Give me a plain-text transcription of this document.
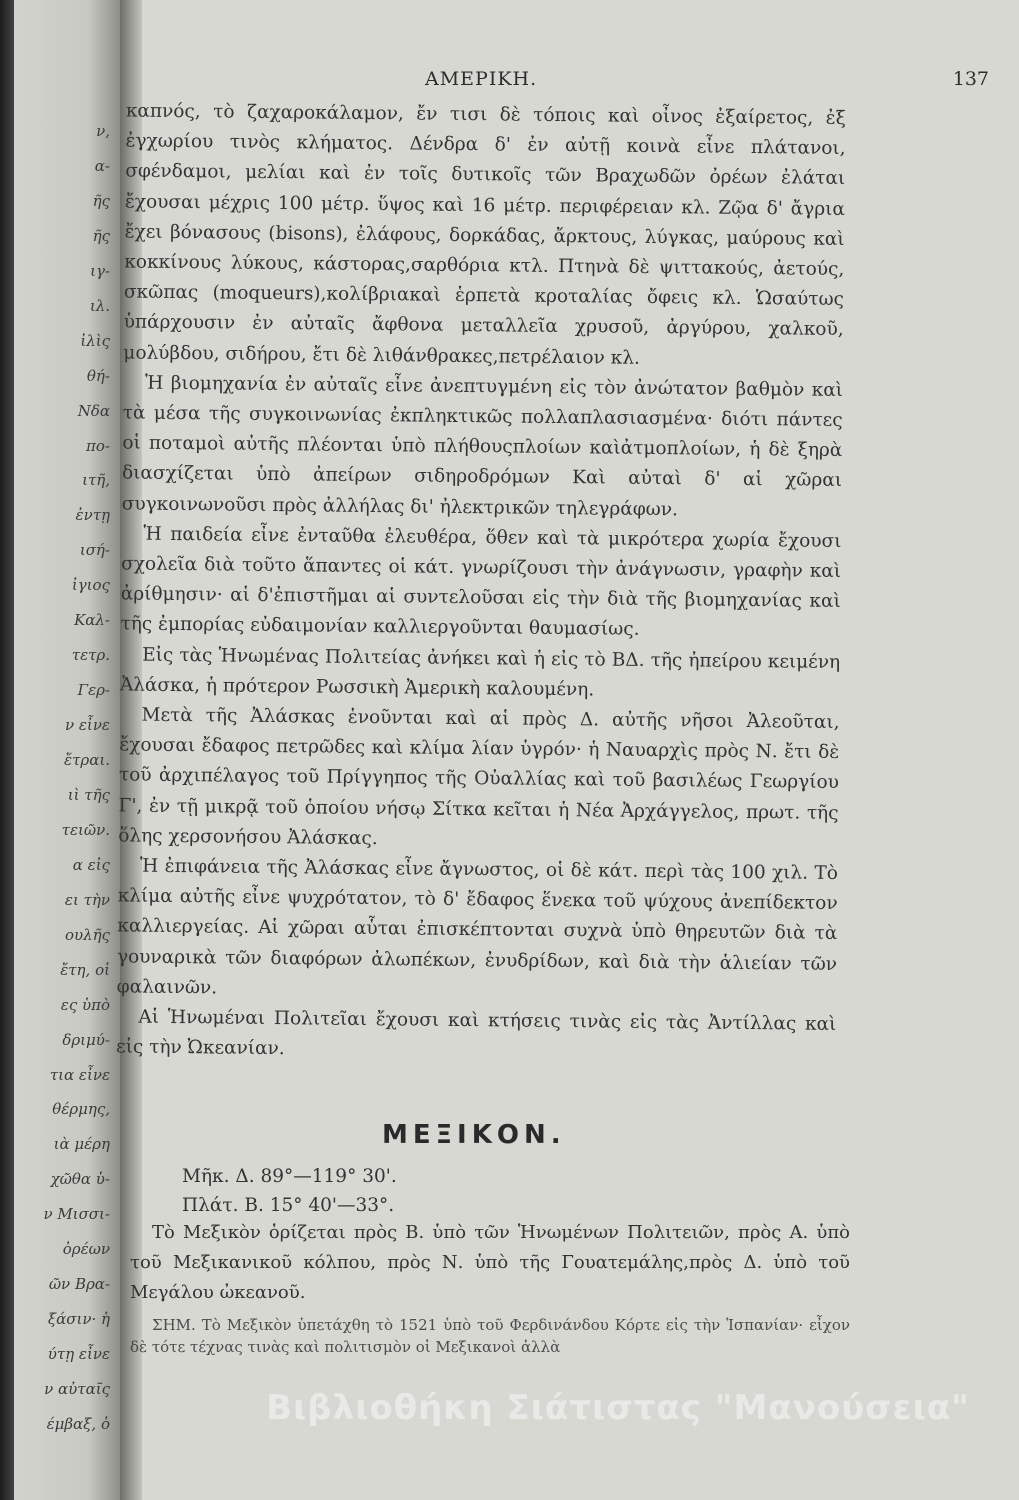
ν,
α-
ῆς
ῆς
ιγ-
ιλ.
ἰλὶς
θή-
Νδα
πο-
ιτῆ,
ἐντῃ
ισή-
ἰγιος
Καλ-
τετρ.
Γερ-
ν εἶνε
ἔτραι.
ιὶ τῆς
τειῶν.
α εἰς
ει τὴν
ουλῆς
ἔτη, οἱ
ες ὑπὸ
δριμύ-
τια εἶνε
θέρμης,
ιὰ μέρη
χῶθα ὑ-
ν Μισσι-
ὀρέων
ῶν Βρα-
ξάσιν· ἡ
ύτῃ εἶνε
ν αὐταῖς
έμβαξ, ὁ
ΑΜΕΡΙΚΗ.	137

καπνός, τὸ ζαχαροκάλαμον, ἔν τισι δὲ τόποις καὶ οἶνος ἐξαίρετος, ἐξ ἐγχωρίου τινὸς κλήματος. Δένδρα δ' ἐν αὐτῇ κοινὰ εἶνε πλάτανοι, σφένδαμοι, μελίαι καὶ ἐν τοῖς δυτικοῖς τῶν Βραχωδῶν ὀρέων ἐλάται ἔχουσαι μέχρις 100 μέτρ. ὕψος καὶ 16 μέτρ. περιφέρειαν κλ. Ζῷα δ' ἄγρια ἔχει βόνασους (bisons), ἐλάφους, δορκάδας, ἄρκτους, λύγκας, μαύρους καὶ κοκκίνους λύκους, κάστορας,σαρθόρια κτλ. Πτηνὰ δὲ ψιττακούς, ἀετούς, σκῶπας (moqueurs),κολίβριακαὶ ἑρπετὰ κροταλίας ὄφεις κλ. Ὡσαύτως ὑπάρχουσιν ἐν αὐταῖς ἄφθονα μεταλλεῖα χρυσοῦ, ἀργύρου, χαλκοῦ, μολύβδου, σιδήρου, ἔτι δὲ λιθάνθρακες,πετρέλαιον κλ.

Ἡ βιομηχανία ἐν αὐταῖς εἶνε ἀνεπτυγμένη εἰς τὸν ἀνώτατον βαθμὸν καὶ τὰ μέσα τῆς συγκοινωνίας ἐκπληκτικῶς πολλαπλασιασμένα· διότι πάντες οἱ ποταμοὶ αὐτῆς πλέονται ὑπὸ πλήθουςπλοίων καὶἀτμοπλοίων, ἡ δὲ ξηρὰ διασχίζεται ὑπὸ ἀπείρων σιδηροδρόμων Καὶ αὐταὶ δ' αἱ χῶραι συγκοινωνοῦσι πρὸς ἀλλήλας δι' ἠλεκτρικῶν τηλεγράφων.

Ἡ παιδεία εἶνε ἐνταῦθα ἐλευθέρα, ὅθεν καὶ τὰ μικρότερα χωρία ἔχουσι σχολεῖα διὰ τοῦτο ἅπαντες οἱ κάτ. γνωρίζουσι τὴν ἀνάγνωσιν, γραφὴν καὶ ἀρίθμησιν· αἱ δ'ἐπιστῆμαι αἱ συντελοῦσαι εἰς τὴν διὰ τῆς βιομηχανίας καὶ τῆς ἐμπορίας εὐδαιμονίαν καλλιεργοῦνται θαυμασίως.

Εἰς τὰς Ἡνωμένας Πολιτείας ἀνήκει καὶ ἡ εἰς τὸ ΒΔ. τῆς ἠπείρου κειμένη Ἀλάσκα, ἡ πρότερον Ρωσσικὴ Ἀμερικὴ καλουμένη.

Μετὰ τῆς Ἀλάσκας ἑνοῦνται καὶ αἱ πρὸς Δ. αὐτῆς νῆσοι Ἀλεοῦται, ἔχουσαι ἔδαφος πετρῶδες καὶ κλίμα λίαν ὑγρόν· ἡ Ναυαρχὶς πρὸς Ν. ἔτι δὲ τοῦ ἀρχιπέλαγος τοῦ Πρίγγηπος τῆς Οὐαλλίας καὶ τοῦ βασιλέως Γεωργίου Γ', ἐν τῇ μικρᾷ τοῦ ὁποίου νήσῳ Σίτκα κεῖται ἡ Νέα Ἀρχάγγελος, πρωτ. τῆς ὅλης χερσονήσου Ἀλάσκας.

Ἡ ἐπιφάνεια τῆς Ἀλάσκας εἶνε ἄγνωστος, οἱ δὲ κάτ. περὶ τὰς 100 χιλ. Τὸ κλίμα αὐτῆς εἶνε ψυχρότατον, τὸ δ' ἔδαφος ἕνεκα τοῦ ψύχους ἀνεπίδεκτον καλλιεργείας. Αἱ χῶραι αὗται ἐπισκέπτονται συχνὰ ὑπὸ θηρευτῶν διὰ τὰ γουναρικὰ τῶν διαφόρων ἀλωπέκων, ἐνυδρίδων, καὶ διὰ τὴν ἁλιείαν τῶν φαλαινῶν.

Αἱ Ἡνωμέναι Πολιτεῖαι ἔχουσι καὶ κτήσεις τινὰς εἰς τὰς Ἀντίλλας καὶ εἰς τὴν Ὠκεανίαν.

ΜΕΞΙΚΟΝ.
Μῆκ. Δ. 89°—119° 30'.
Πλάτ. Β. 15° 40'—33°.

Τὸ Μεξικὸν ὁρίζεται πρὸς Β. ὑπὸ τῶν Ἡνωμένων Πολιτειῶν, πρὸς Α. ὑπὸ τοῦ Μεξικανικοῦ κόλπου, πρὸς Ν. ὑπὸ τῆς Γουατεμάλης,πρὸς Δ. ὑπὸ τοῦ Μεγάλου ὠκεανοῦ.

ΣΗΜ. Τὸ Μεξικὸν ὑπετάχθη τὸ 1521 ὑπὸ τοῦ Φερδινάνδου Κόρτε εἰς τὴν Ἱσπανίαν· εἶχον δὲ τότε τέχνας τινὰς καὶ πολιτισμὸν οἱ Μεξικανοὶ ἀλλὰ

Βιβλιοθήκη Σιάτιστας "Μανούσεια"
